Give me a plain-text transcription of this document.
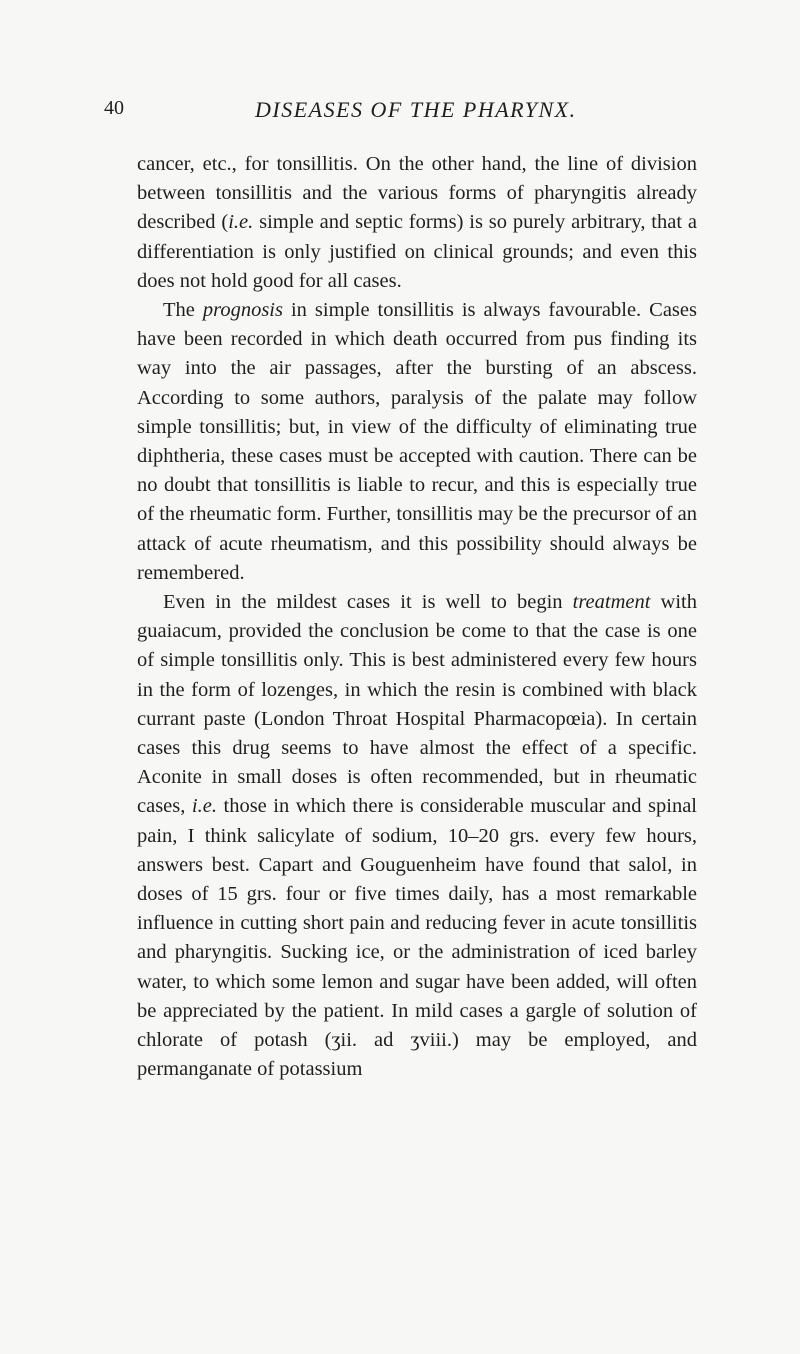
40	DISEASES OF THE PHARYNX.

cancer, etc., for tonsillitis. On the other hand, the line of division between tonsillitis and the various forms of pharyngitis already described (i.e. simple and septic forms) is so purely arbitrary, that a differentiation is only justified on clinical grounds; and even this does not hold good for all cases.

The prognosis in simple tonsillitis is always favourable. Cases have been recorded in which death occurred from pus finding its way into the air passages, after the bursting of an abscess. According to some authors, paralysis of the palate may follow simple tonsillitis; but, in view of the difficulty of eliminating true diphtheria, these cases must be accepted with caution. There can be no doubt that tonsillitis is liable to recur, and this is especially true of the rheumatic form. Further, tonsillitis may be the precursor of an attack of acute rheumatism, and this possibility should always be remembered.

Even in the mildest cases it is well to begin treatment with guaiacum, provided the conclusion be come to that the case is one of simple tonsillitis only. This is best administered every few hours in the form of lozenges, in which the resin is combined with black currant paste (London Throat Hospital Pharmacopœia). In certain cases this drug seems to have almost the effect of a specific. Aconite in small doses is often recommended, but in rheumatic cases, i.e. those in which there is considerable muscular and spinal pain, I think salicylate of sodium, 10–20 grs. every few hours, answers best. Capart and Gouguenheim have found that salol, in doses of 15 grs. four or five times daily, has a most remarkable influence in cutting short pain and reducing fever in acute tonsillitis and pharyngitis. Sucking ice, or the administration of iced barley water, to which some lemon and sugar have been added, will often be appreciated by the patient. In mild cases a gargle of solution of chlorate of potash (ʒii. ad ʒviii.) may be employed, and permanganate of potassium
